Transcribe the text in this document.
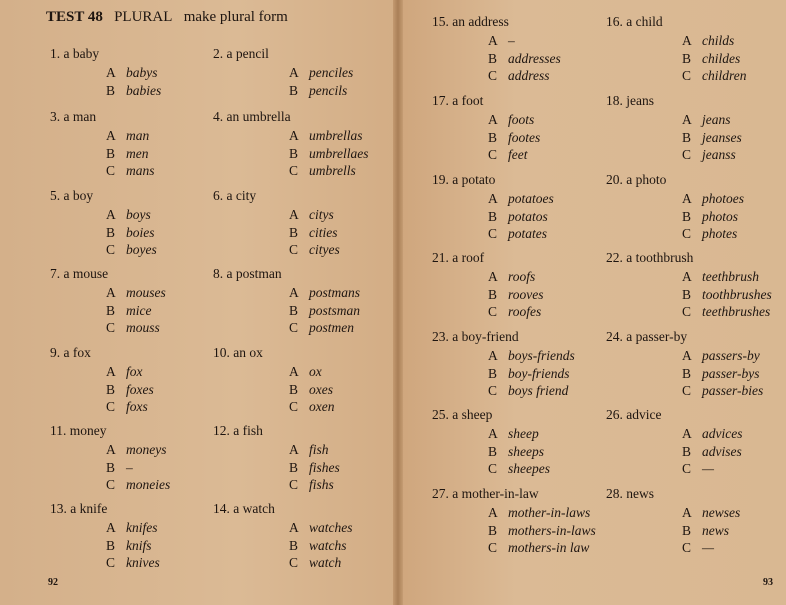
TEST 48 PLURAL make plural form
1. a baby
A babys
B babies
2. a pencil
A penciles
B pencils
3. a man
A man
B men
C mans
4. an umbrella
A umbrellas
B umbrellaes
C umbrells
5. a boy
A boys
B boies
C boyes
6. a city
A citys
B cities
C cityes
7. a mouse
A mouses
B mice
C mouss
8. a postman
A postmans
B postsman
C postmen
9. a fox
A fox
B foxes
C foxs
10. an ox
A ox
B oxes
C oxen
11. money
A moneys
B –
C moneies
12. a fish
A fish
B fishes
C fishs
13. a knife
A knifes
B knifs
C knives
14. a watch
A watches
B watchs
C watch
15. an address
A –
B addresses
C address
16. a child
A childs
B childes
C children
17. a foot
A foots
B footes
C feet
18. jeans
A jeans
B jeanses
C jeanss
19. a potato
A potatoes
B potatos
C potates
20. a photo
A photoes
B photos
C photes
21. a roof
A roofs
B rooves
C roofes
22. a toothbrush
A teethbrush
B toothbrushes
C teethbrushes
23. a boy-friend
A boys-friends
B boy-friends
C boys friend
24. a passer-by
A passers-by
B passer-bys
C passer-bies
25. a sheep
A sheep
B sheeps
C sheepes
26. advice
A advices
B advises
C —
27. a mother-in-law
A mother-in-laws
B mothers-in-laws
C mothers-in law
28. news
A newses
B news
C —
92	93
